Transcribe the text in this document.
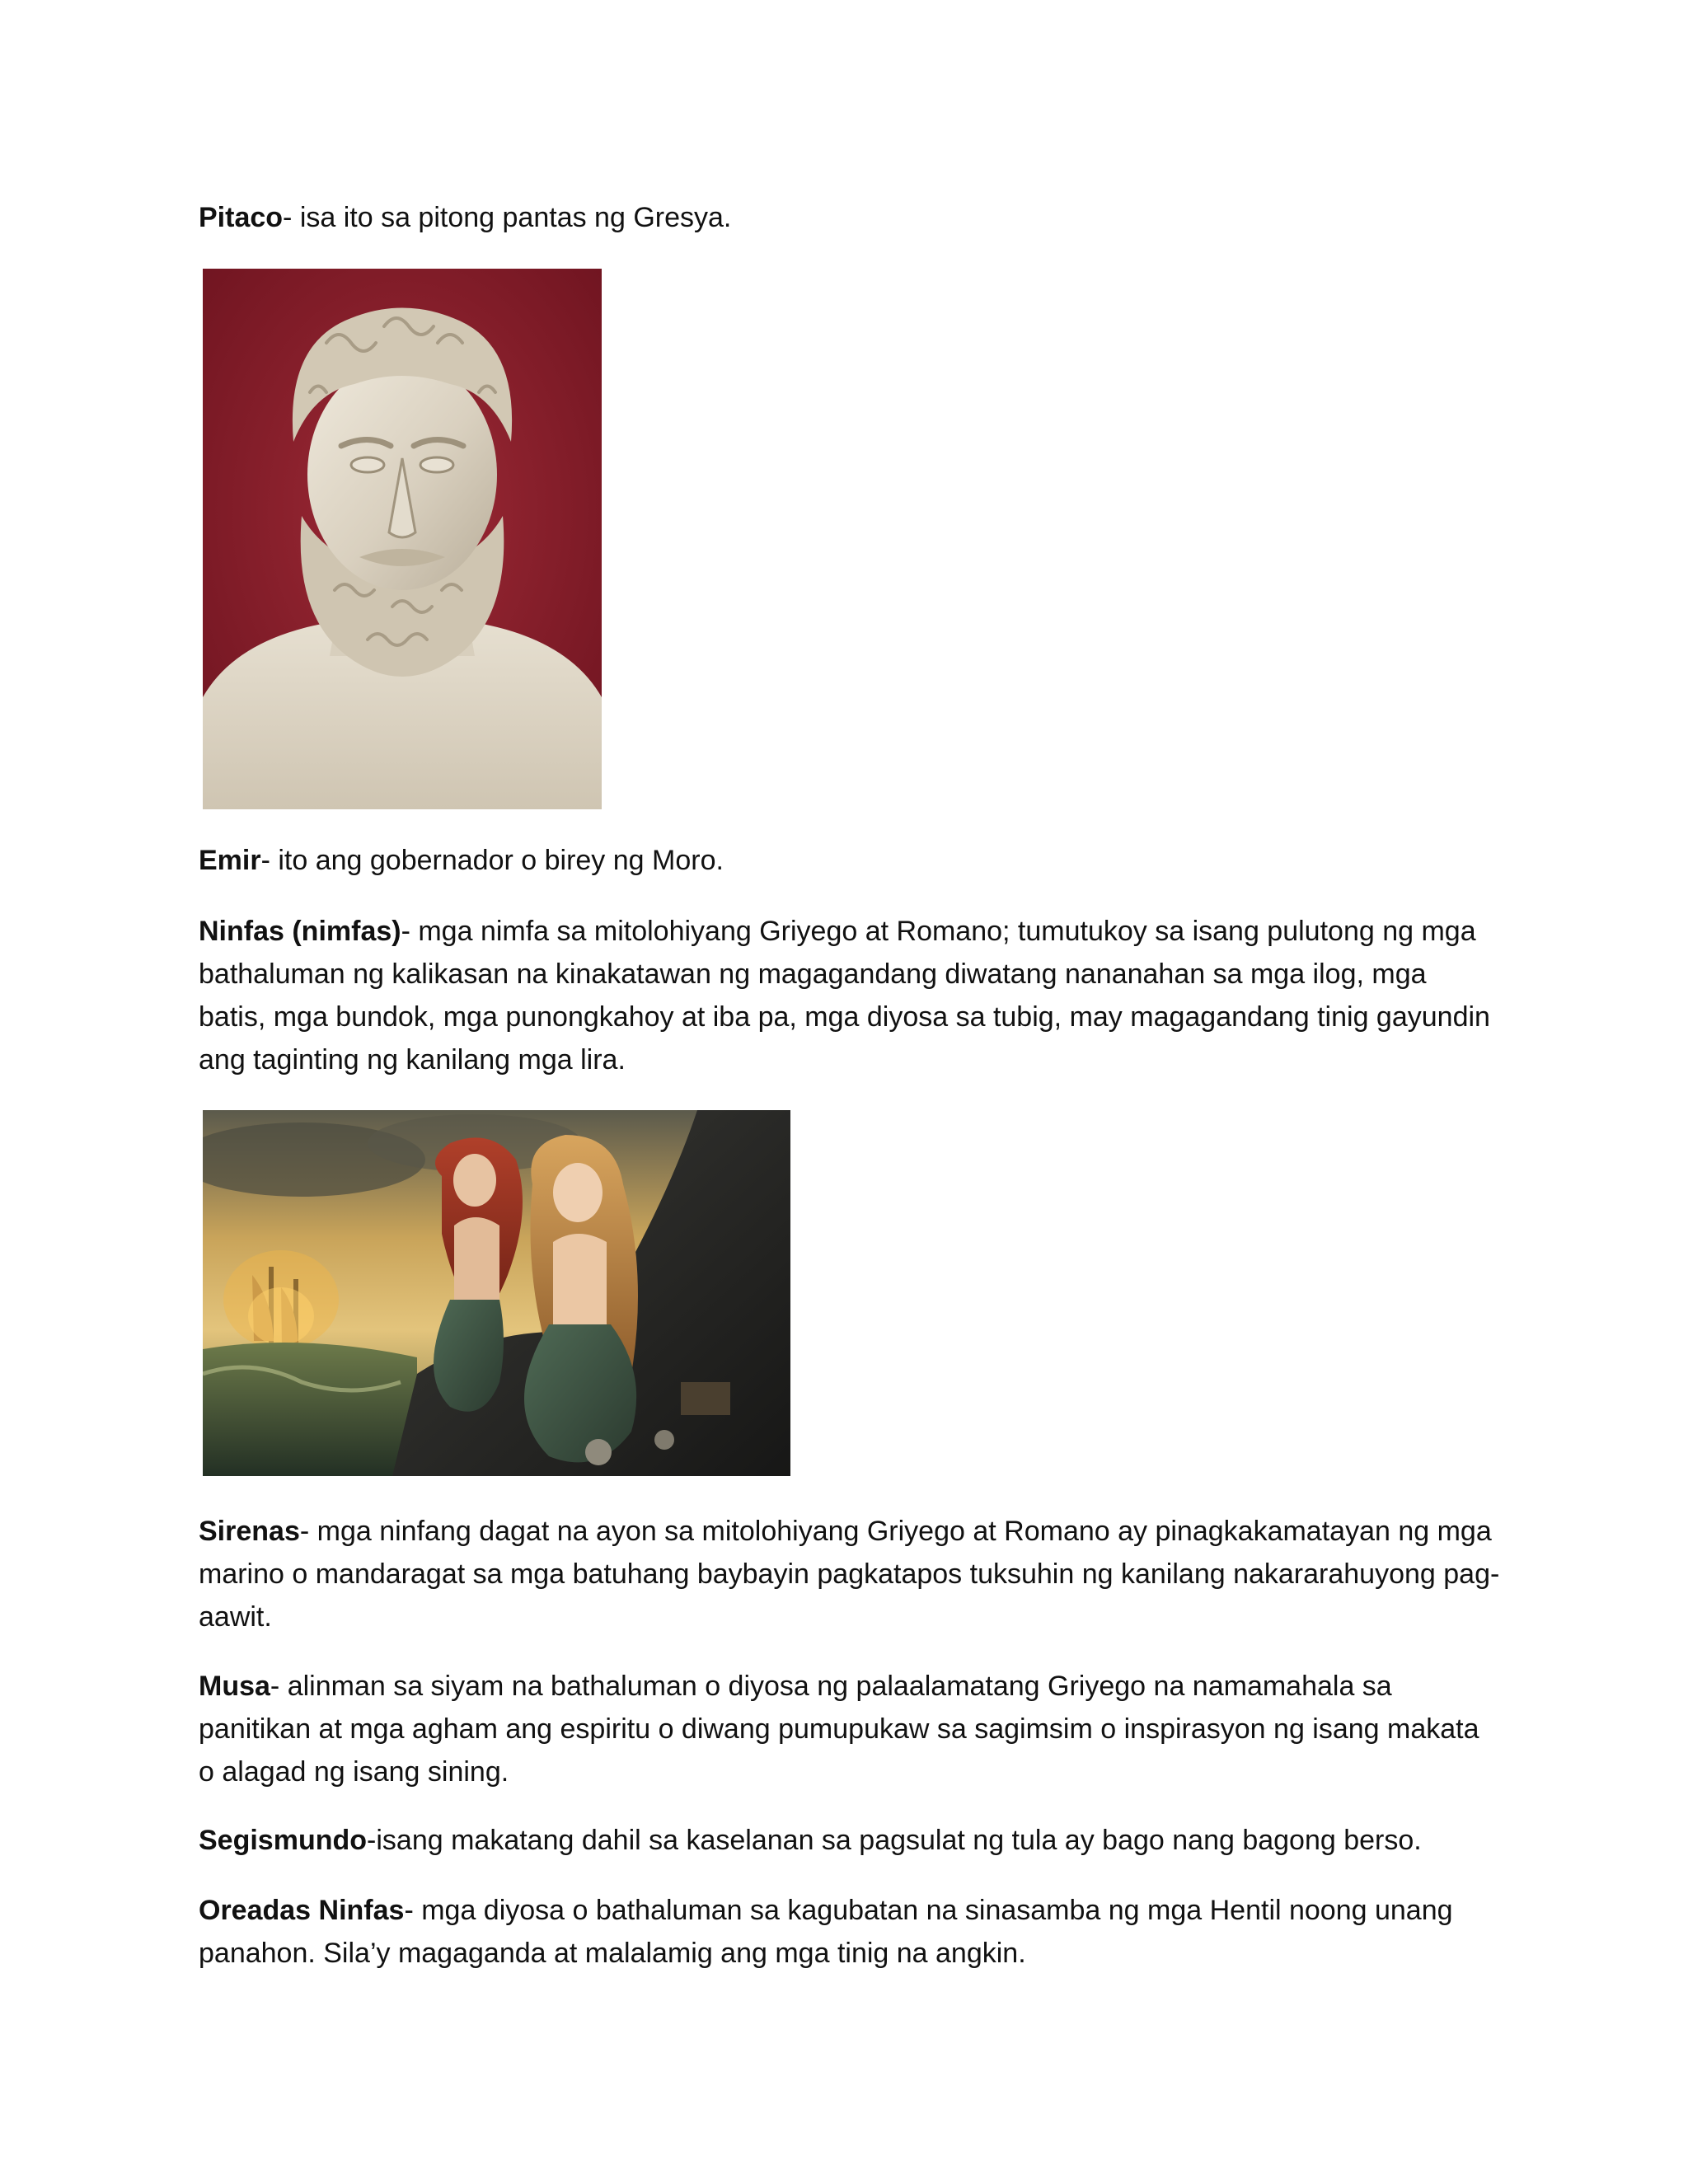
Pitaco- isa ito sa pitong pantas ng Gresya.

Emir- ito ang gobernador o birey ng Moro.

Ninfas (nimfas)- mga nimfa sa mitolohiyang Griyego at Romano; tumutukoy sa isang pulutong ng mga bathaluman ng kalikasan na kinakatawan ng magagandang diwatang nananahan sa mga ilog, mga batis, mga bundok, mga punongkahoy at iba pa, mga diyosa sa tubig, may magagandang tinig gayundin ang taginting ng kanilang mga lira.

Sirenas- mga ninfang dagat na ayon sa mitolohiyang Griyego at Romano ay pinagkakamatayan ng mga marino o mandaragat sa mga batuhang baybayin pagkatapos tuksuhin ng kanilang nakararahuyong pag-aawit.

Musa- alinman sa siyam na bathaluman o diyosa ng palaalamatang Griyego na namamahala sa panitikan at mga agham ang espiritu o diwang pumupukaw sa sagimsim o inspirasyon ng isang makata o alagad ng isang sining.

Segismundo-isang makatang dahil sa kaselanan sa pagsulat ng tula ay bago nang bagong berso.

Oreadas Ninfas- mga diyosa o bathaluman sa kagubatan na sinasamba ng mga Hentil noong unang panahon. Sila’y magaganda at malalamig ang mga tinig na angkin.
